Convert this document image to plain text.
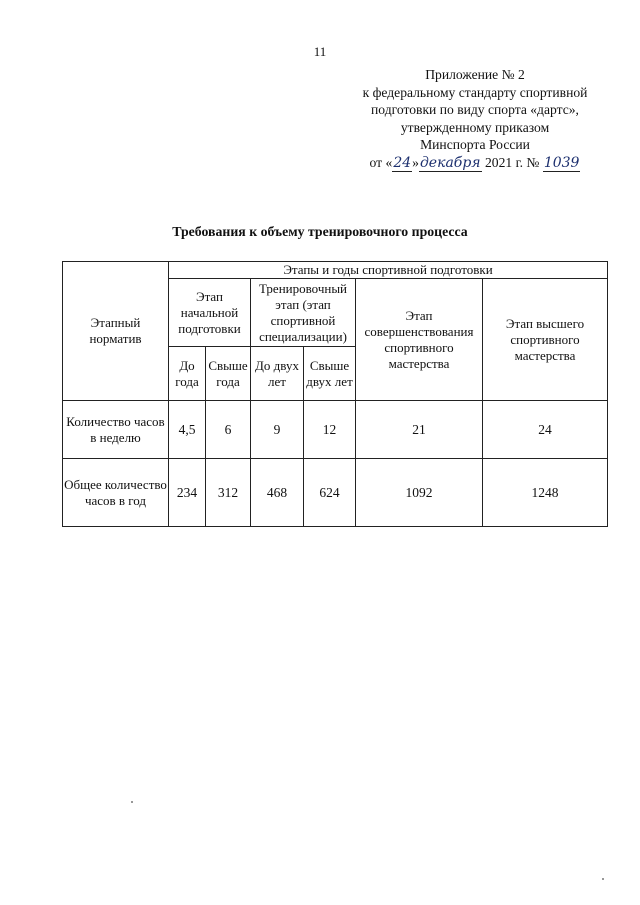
11
Приложение № 2
к федеральному стандарту спортивной
подготовки по виду спорта «дартс»,
утвержденному приказом
Минспорта России
от «24»декабря 2021 г. № 1039
Требования к объему тренировочного процесса
Этапный норматив	Этапы и годы спортивной подготовки					
	Этап начальной подготовки		Тренировочный этап (этап спортивной специализации)		Этап совершенствования спортивного мастерства	Этап высшего спортивного мастерства
	До года	Свыше года	До двух лет	Свыше двух лет		
Количество часов в неделю	4,5	6	9	12	21	24
Общее количество часов в год	234	312	468	624	1092	1248
